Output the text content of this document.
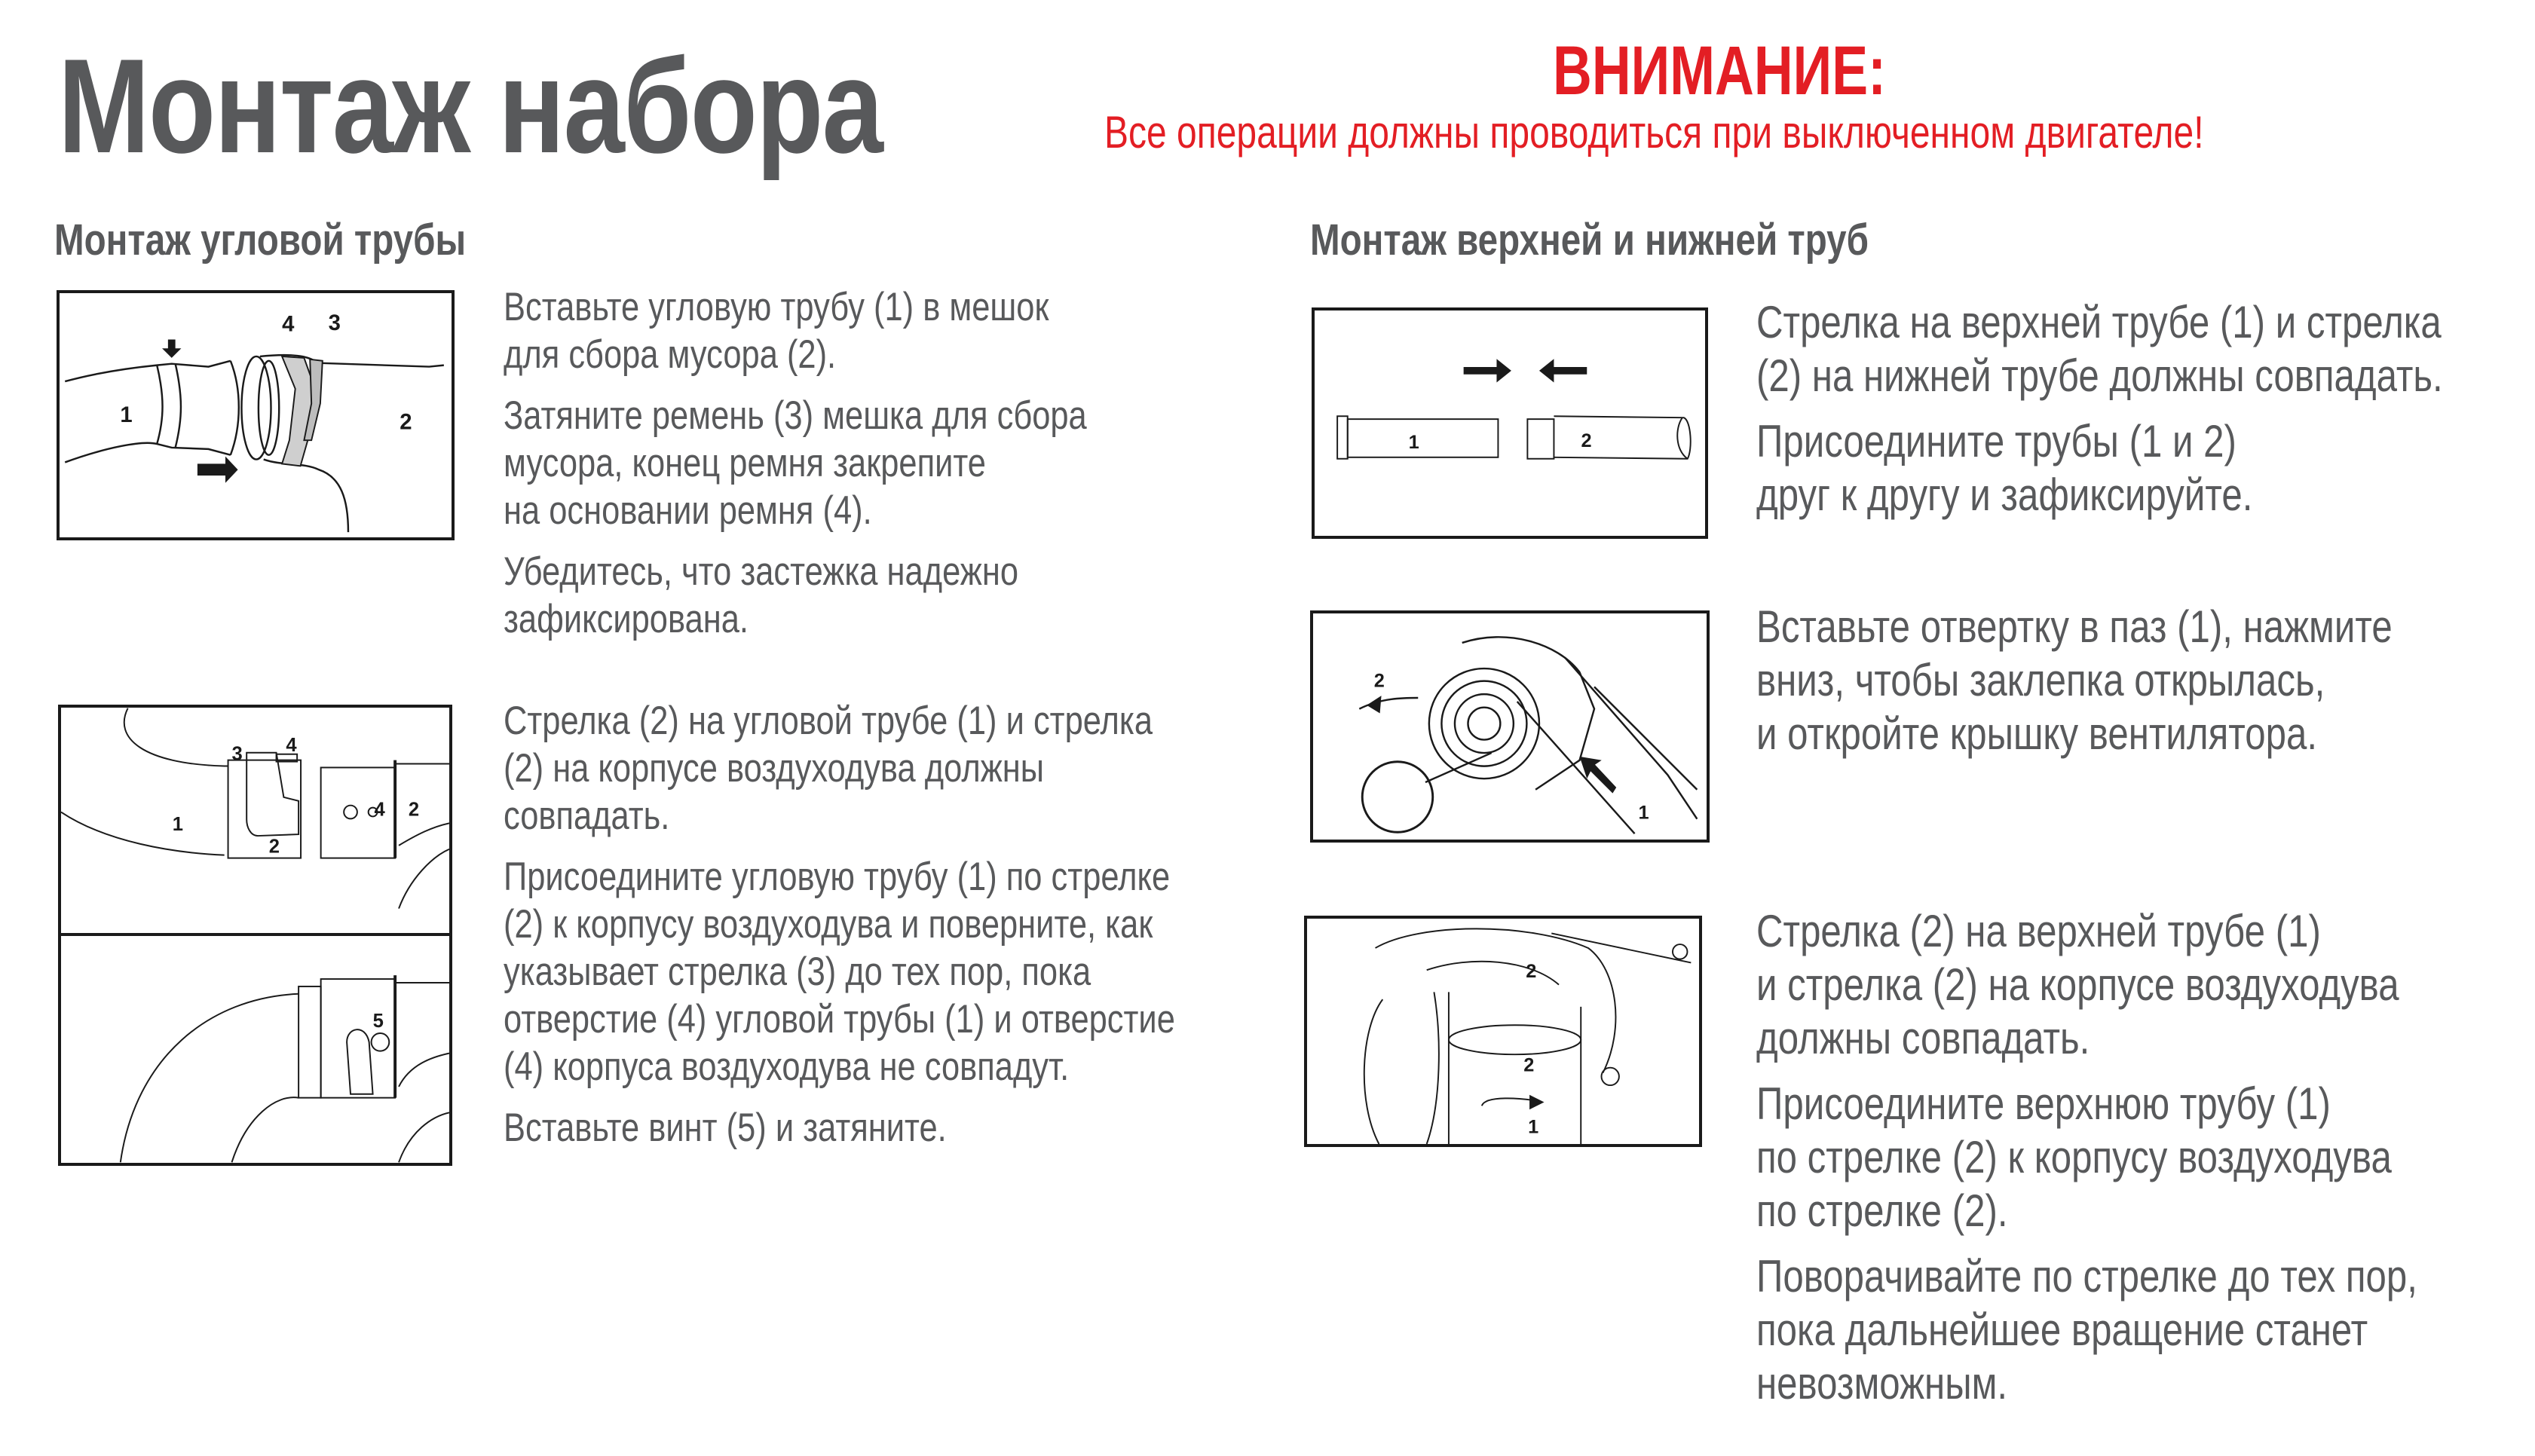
Монтаж набора	ВНИМАНИЕ:
Все операции должны проводиться при выключенном двигателе!
Монтаж угловой трубы	Монтаж верхней и нижней труб
1	2
3
4	Вставьте угловую трубу (1) в мешок
для сбора мусора (2).

Затяните ремень (3) мешка для сбора
мусора, конец ремня закрепите
на основании ремня (4).

Убедитесь, что застежка надежно
зафиксирована.

1
2
3 4
4 2
5

Стрелка (2) на угловой трубе (1) и стрелка
(2) на корпусе воздуходува должны
совпадать.

Присоедините угловую трубу (1) по стрелке
(2) к корпусу воздуходува и поверните, как
указывает стрелка (3) до тех пор, пока
отверстие (4) угловой трубы (1) и отверстие
(4) корпуса воздуходува не совпадут.

Вставьте винт (5) и затяните.

1	2

Стрелка на верхней трубе (1) и стрелка
(2) на нижней трубе должны совпадать.

Присоедините трубы (1 и 2)
друг к другу и зафиксируйте.

2
1

Вставьте отвертку в паз (1), нажмите
вниз, чтобы заклепка открылась,
и откройте крышку вентилятора.

2
2
1

Стрелка (2) на верхней трубе (1)
и стрелка (2) на корпусе воздуходува
должны совпадать.

Присоедините верхнюю трубу (1)
по стрелке (2) к корпусу воздуходува
по стрелке (2).

Поворачивайте по стрелке до тех пор,
пока дальнейшее вращение станет
невозможным.
